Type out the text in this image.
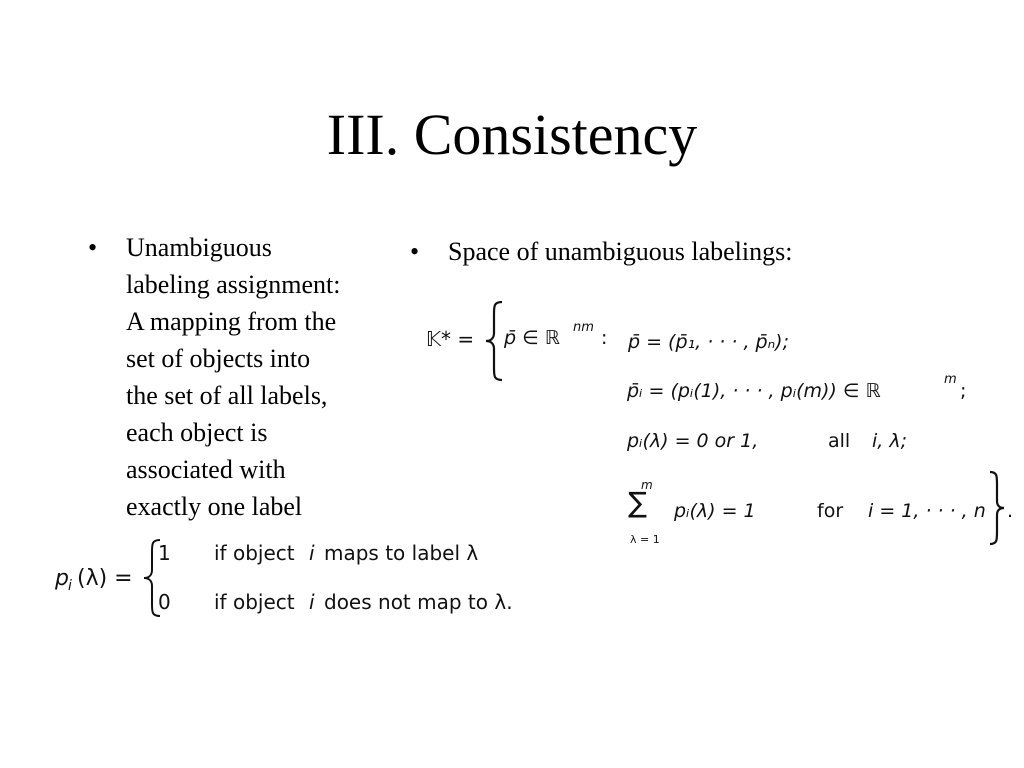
III. Consistency
• Unambiguous
labeling assignment:
A mapping from the
set of objects into
the set of all labels,
each object is
associated with
exactly one label
• Space of unambiguous labelings:
p i (λ) =
1 if object i maps to label λ
0 if object i does not map to λ.
𝕂* = p̄ ∈ ℝ nm : p̄ = (p̄₁, · · · , p̄ₙ);
p̄ᵢ = (pᵢ(1), · · · , pᵢ(m)) ∈ ℝ
m
;
pᵢ(λ) = 0 or 1,	all i, λ;
m
∑
λ = 1
pᵢ(λ) = 1	for i = 1, · · · , n .
